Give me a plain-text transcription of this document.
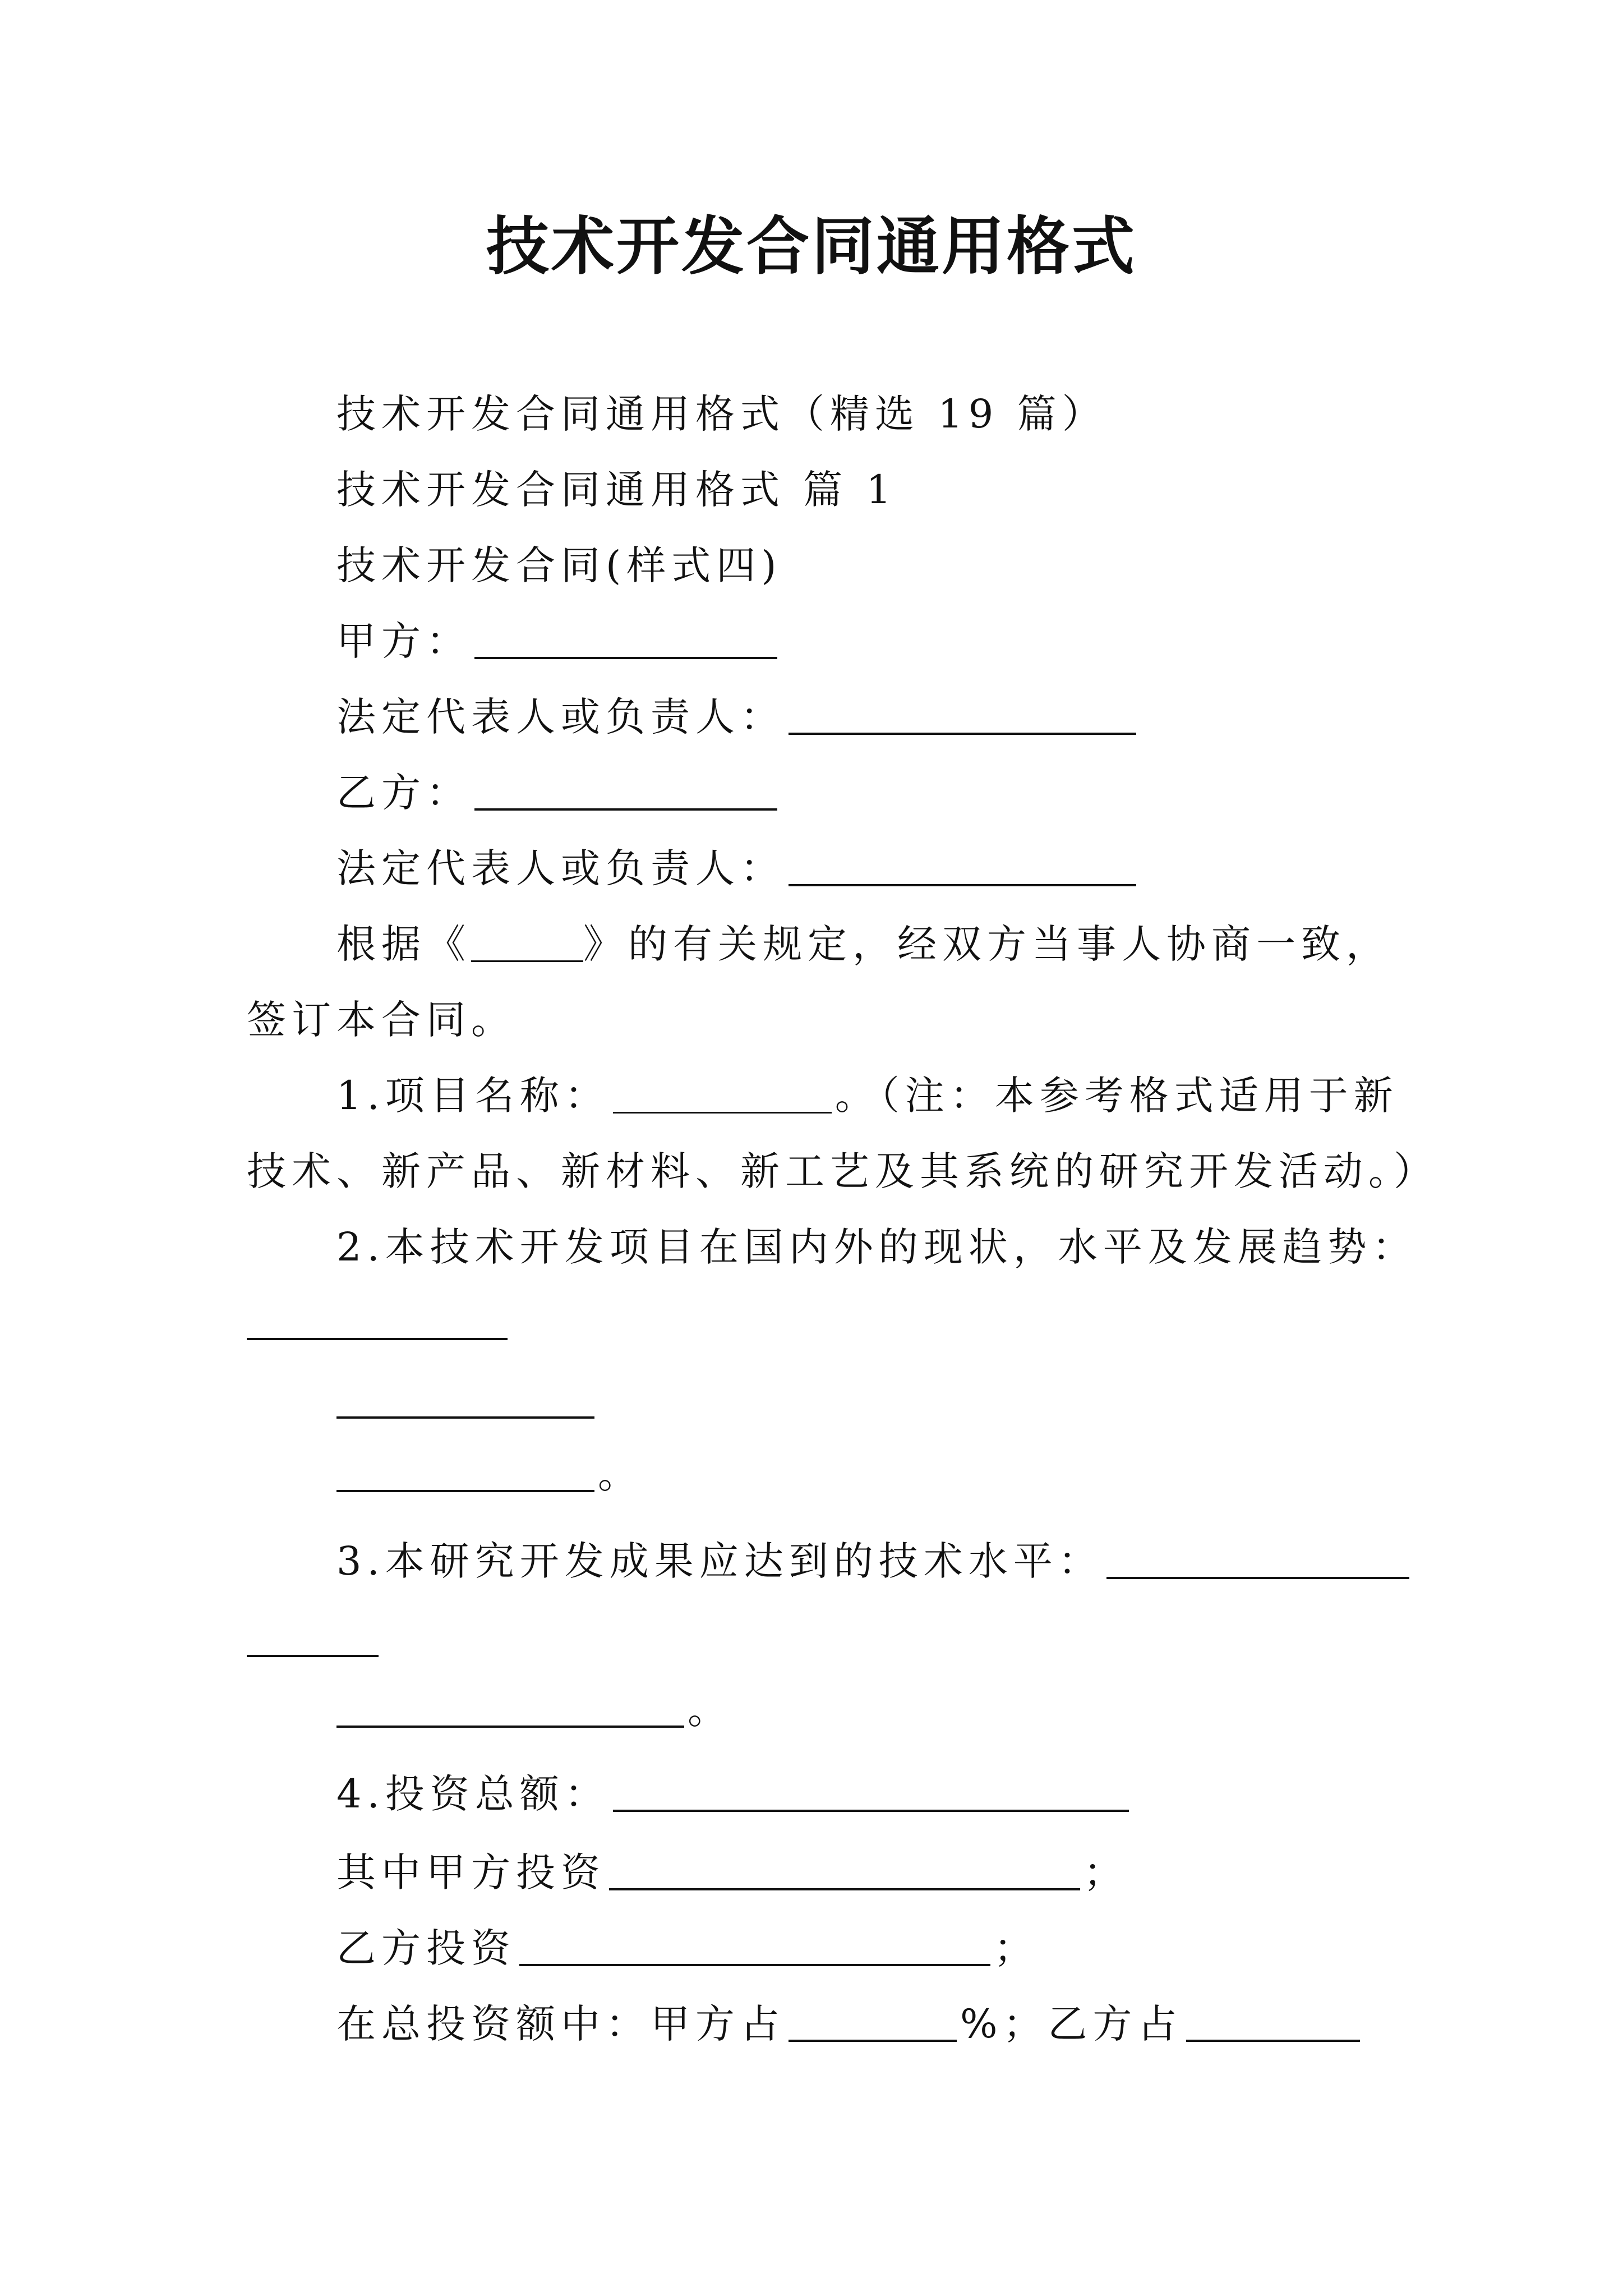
技术开发合同通用格式
技术开发合同通用格式（精选 19 篇）
技术开发合同通用格式 篇 1
技术开发合同(样式四)
甲方：
法定代表人或负责人：
乙方：
法定代表人或负责人：
根据《	》的有关规定，经双方当事人协商一致，
签订本合同。
1.项目名称：	。（注：本参考格式适用于新
技术、新产品、新材料、新工艺及其系统的研究开发活动。）
2.本技术开发项目在国内外的现状，水平及发展趋势：
。
3.本研究开发成果应达到的技术水平：
。
4.投资总额：
其中甲方投资	；
乙方投资	；
在总投资额中：甲方占	%；乙方占
